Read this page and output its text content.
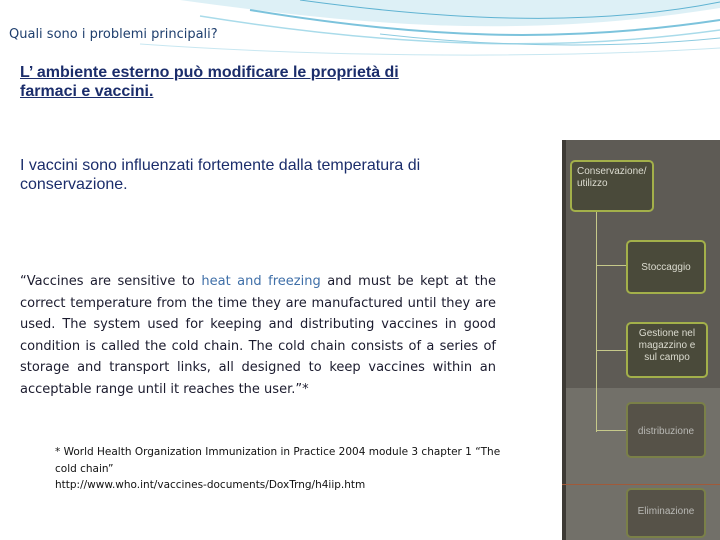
Quali sono i problemi principali?
L’ ambiente esterno può modificare le proprietà di
farmaci e vaccini.
I vaccini sono influenzati fortemente dalla temperatura di
conservazione.
“Vaccines are sensitive to heat and freezing and must be kept at the correct temperature from the time they are manufactured until they are used. The system used for keeping and distributing vaccines in good condition is called the cold chain. The cold chain consists of a series of storage and transport links, all designed to keep vaccines within an acceptable range until it reaches the user.”*
* World Health Organization Immunization in Practice 2004 module 3 chapter 1 “The
cold chain”
http://www.who.int/vaccines-documents/DoxTrng/h4iip.htm
Conservazione/ utilizzo
Stoccaggio
Gestione nel magazzino e sul campo
distribuzione
Eliminazione
